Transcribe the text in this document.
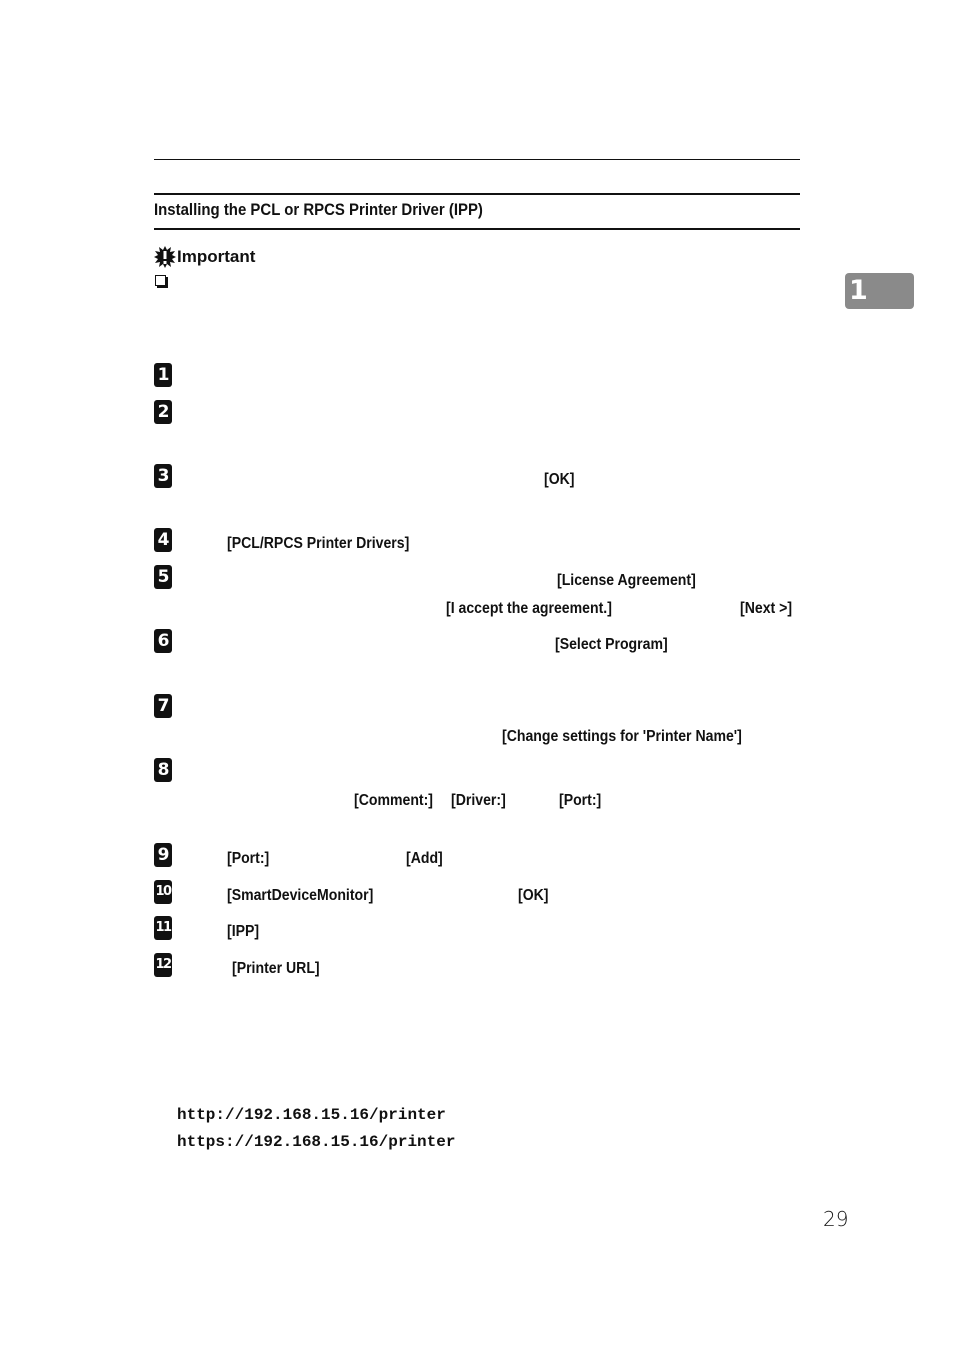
Installing the PCL or RPCS Printer Driver (IPP)
Important
1
1
2
3
4
5
6
7
8
9
10
11
12
[OK]
[PCL/RPCS Printer Drivers]
[License Agreement]
[I accept the agreement.]	[Next >]
[Select Program]
[Change settings for 'Printer Name']
[Comment:] [Driver:]	[Port:]
[Port:]	[Add]
[SmartDeviceMonitor]	[OK]
[IPP]
[Printer URL]
http://192.168.15.16/printer
https://192.168.15.16/printer
29
